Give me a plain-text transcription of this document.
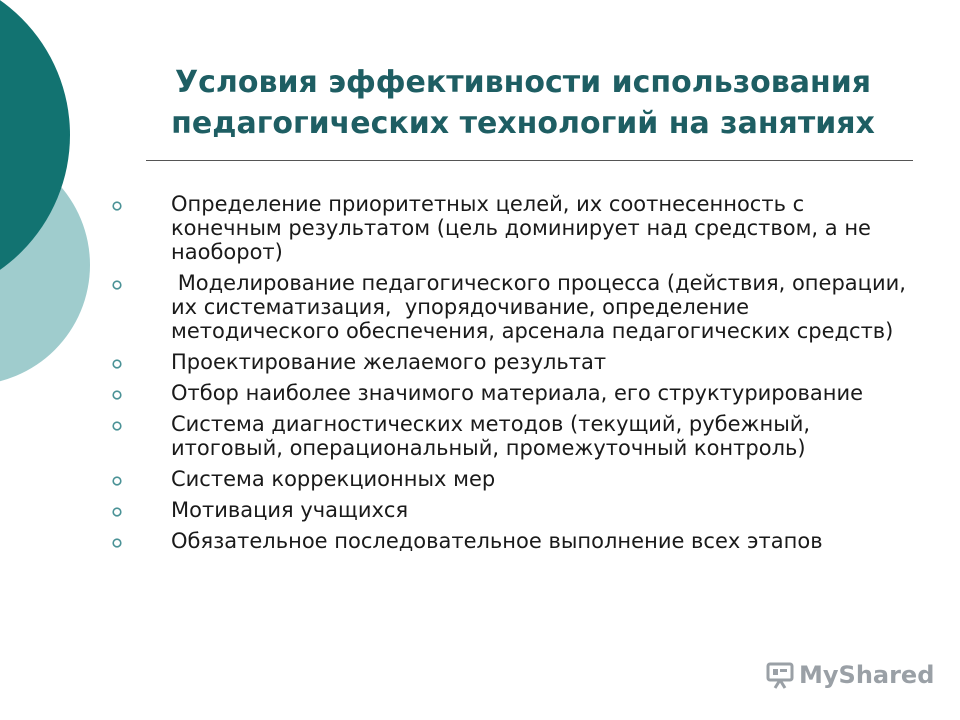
Условия эффективности использования
педагогических технологий на занятиях
Определение приоритетных целей, их соотнесенность с конечным результатом (цель доминирует над средством, а не наоборот)
Моделирование педагогического процесса (действия, операции, их систематизация,  упорядочивание, определение методического обеспечения, арсенала педагогических средств)
Проектирование желаемого результат
Отбор наиболее значимого материала, его структурирование
Система диагностических методов (текущий, рубежный, итоговый, операциональный, промежуточный контроль)
Система коррекционных мер
Мотивация учащихся
Обязательное последовательное выполнение всех этапов
MyShared
